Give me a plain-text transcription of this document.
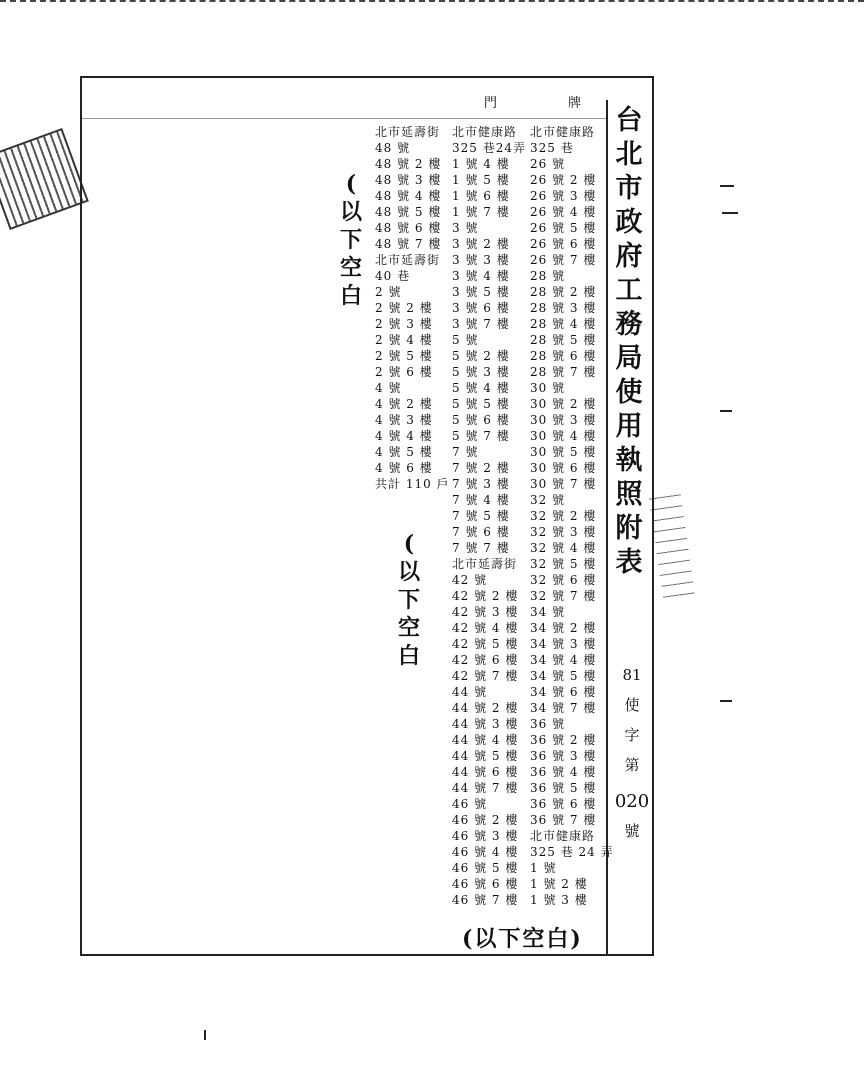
門	牌
台
北
市
政
府
工
務
局
使
用
執
照
附
表
(
以
下
空
白
(
以
下
空
白
(以下空白)
81
使
字
第
020
號
北市延壽街
48 號
48 號 2 樓
48 號 3 樓
48 號 4 樓
48 號 5 樓
48 號 6 樓
48 號 7 樓
北市延壽街
40 巷
2 號
2 號 2 樓
2 號 3 樓
2 號 4 樓
2 號 5 樓
2 號 6 樓
4 號
4 號 2 樓
4 號 3 樓
4 號 4 樓
4 號 5 樓
4 號 6 樓
共計 110 戶
北市健康路
325 巷24弄
1 號 4 樓
1 號 5 樓
1 號 6 樓
1 號 7 樓
3 號
3 號 2 樓
3 號 3 樓
3 號 4 樓
3 號 5 樓
3 號 6 樓
3 號 7 樓
5 號
5 號 2 樓
5 號 3 樓
5 號 4 樓
5 號 5 樓
5 號 6 樓
5 號 7 樓
7 號
7 號 2 樓
7 號 3 樓
7 號 4 樓
7 號 5 樓
7 號 6 樓
7 號 7 樓
北市延壽街
42 號
42 號 2 樓
42 號 3 樓
42 號 4 樓
42 號 5 樓
42 號 6 樓
42 號 7 樓
44 號
44 號 2 樓
44 號 3 樓
44 號 4 樓
44 號 5 樓
44 號 6 樓
44 號 7 樓
46 號
46 號 2 樓
46 號 3 樓
46 號 4 樓
46 號 5 樓
46 號 6 樓
46 號 7 樓
北市健康路
325 巷
26 號
26 號 2 樓
26 號 3 樓
26 號 4 樓
26 號 5 樓
26 號 6 樓
26 號 7 樓
28 號
28 號 2 樓
28 號 3 樓
28 號 4 樓
28 號 5 樓
28 號 6 樓
28 號 7 樓
30 號
30 號 2 樓
30 號 3 樓
30 號 4 樓
30 號 5 樓
30 號 6 樓
30 號 7 樓
32 號
32 號 2 樓
32 號 3 樓
32 號 4 樓
32 號 5 樓
32 號 6 樓
32 號 7 樓
34 號
34 號 2 樓
34 號 3 樓
34 號 4 樓
34 號 5 樓
34 號 6 樓
34 號 7 樓
36 號
36 號 2 樓
36 號 3 樓
36 號 4 樓
36 號 5 樓
36 號 6 樓
36 號 7 樓
北市健康路
325 巷 24 弄
1 號
1 號 2 樓
1 號 3 樓
